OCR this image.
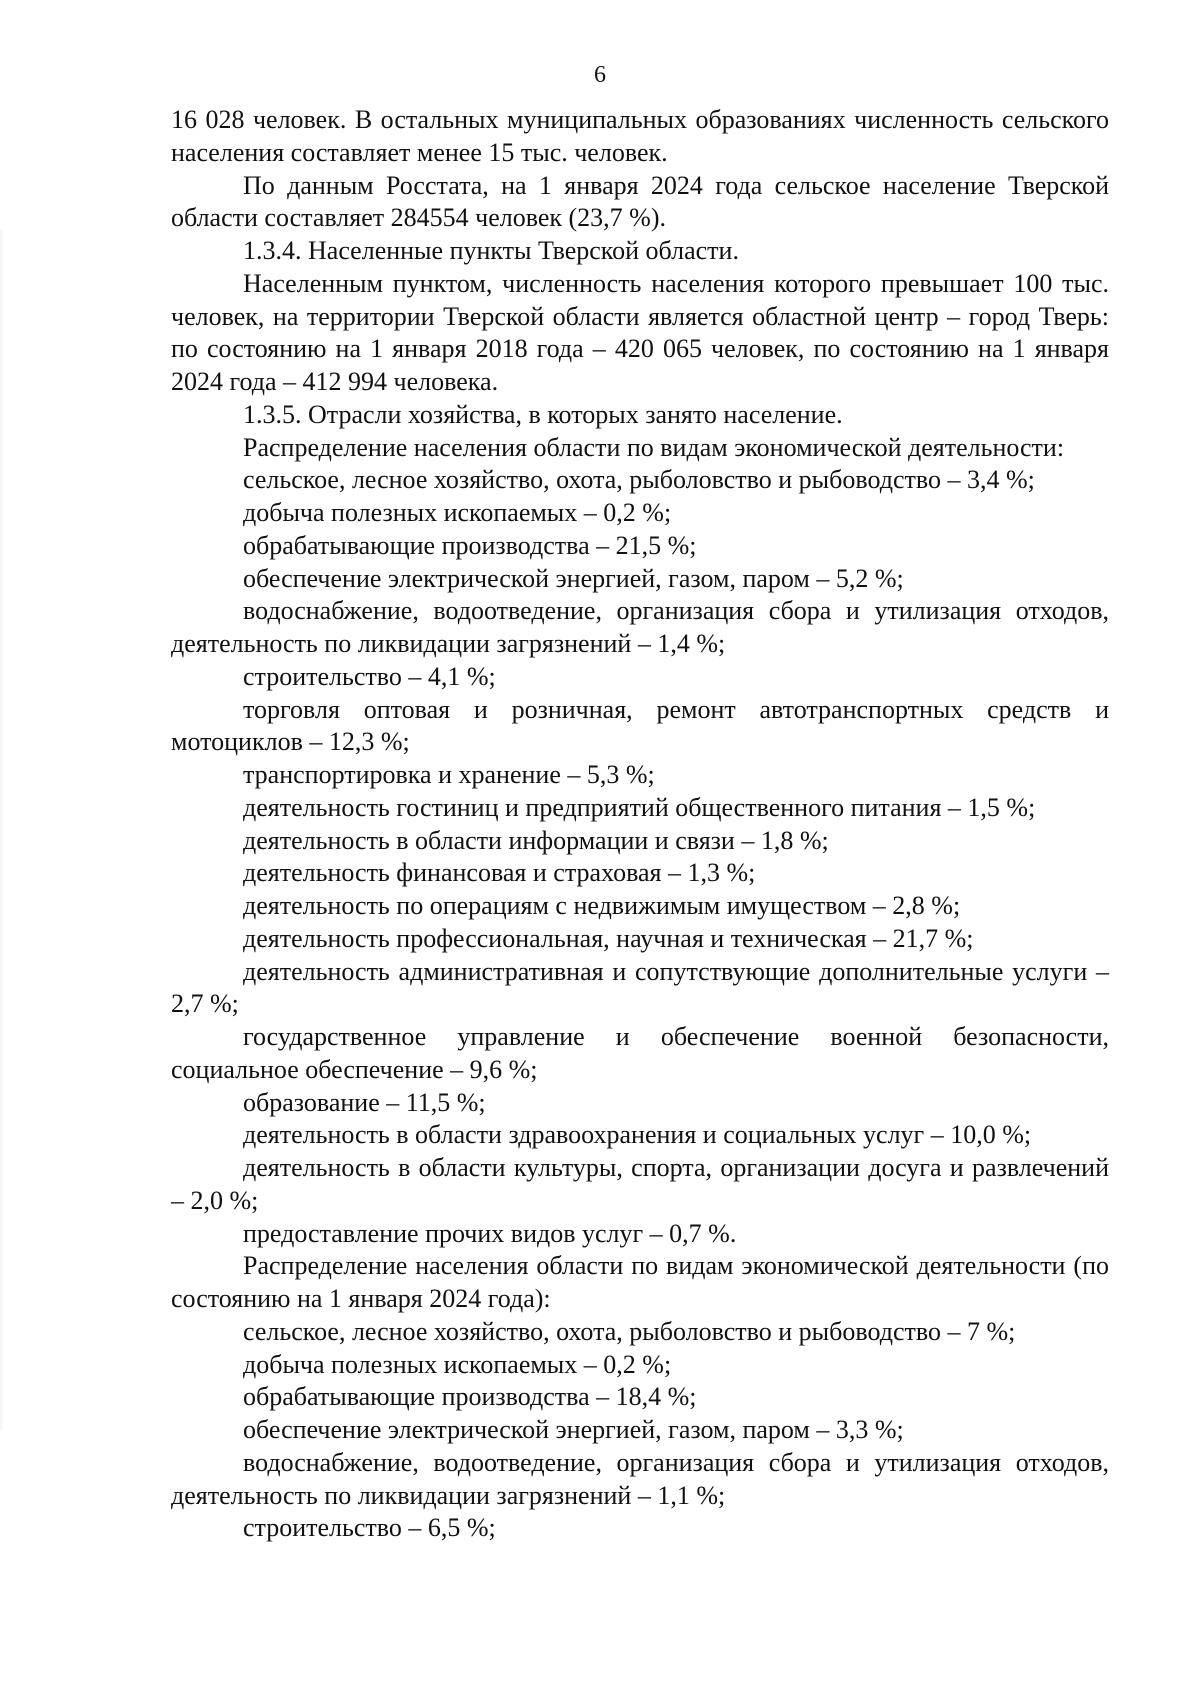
6

16 028 человек. В остальных муниципальных образованиях численность сельского населения составляет менее 15 тыс. человек.

По данным Росстата, на 1 января 2024 года сельское население Тверской области составляет 284554 человек (23,7 %).

1.3.4. Населенные пункты Тверской области.

Населенным пунктом, численность населения которого превышает 100 тыс. человек, на территории Тверской области является областной центр – город Тверь: по состоянию на 1 января 2018 года – 420 065 человек, по состоянию на 1 января 2024 года – 412 994 человека.

1.3.5. Отрасли хозяйства, в которых занято население.

Распределение населения области по видам экономической деятельности:

сельское, лесное хозяйство, охота, рыболовство и рыбоводство – 3,4 %;

добыча полезных ископаемых – 0,2 %;

обрабатывающие производства – 21,5 %;

обеспечение электрической энергией, газом, паром – 5,2 %;

водоснабжение, водоотведение, организация сбора и утилизация отходов, деятельность по ликвидации загрязнений – 1,4 %;

строительство – 4,1 %;

торговля оптовая и розничная, ремонт автотранспортных средств и мотоциклов – 12,3 %;

транспортировка и хранение – 5,3 %;

деятельность гостиниц и предприятий общественного питания – 1,5 %;

деятельность в области информации и связи – 1,8 %;

деятельность финансовая и страховая – 1,3 %;

деятельность по операциям с недвижимым имуществом – 2,8 %;

деятельность профессиональная, научная и техническая – 21,7 %;

деятельность административная и сопутствующие дополнительные услуги – 2,7 %;

государственное управление и обеспечение военной безопасности, социальное обеспечение – 9,6 %;

образование – 11,5 %;

деятельность в области здравоохранения и социальных услуг – 10,0 %;

деятельность в области культуры, спорта, организации досуга и развлечений – 2,0 %;

предоставление прочих видов услуг – 0,7 %.

Распределение населения области по видам экономической деятельности (по состоянию на 1 января 2024 года):

сельское, лесное хозяйство, охота, рыболовство и рыбоводство – 7 %;

добыча полезных ископаемых – 0,2 %;

обрабатывающие производства – 18,4 %;

обеспечение электрической энергией, газом, паром – 3,3 %;

водоснабжение, водоотведение, организация сбора и утилизация отходов, деятельность по ликвидации загрязнений – 1,1 %;

строительство – 6,5 %;
